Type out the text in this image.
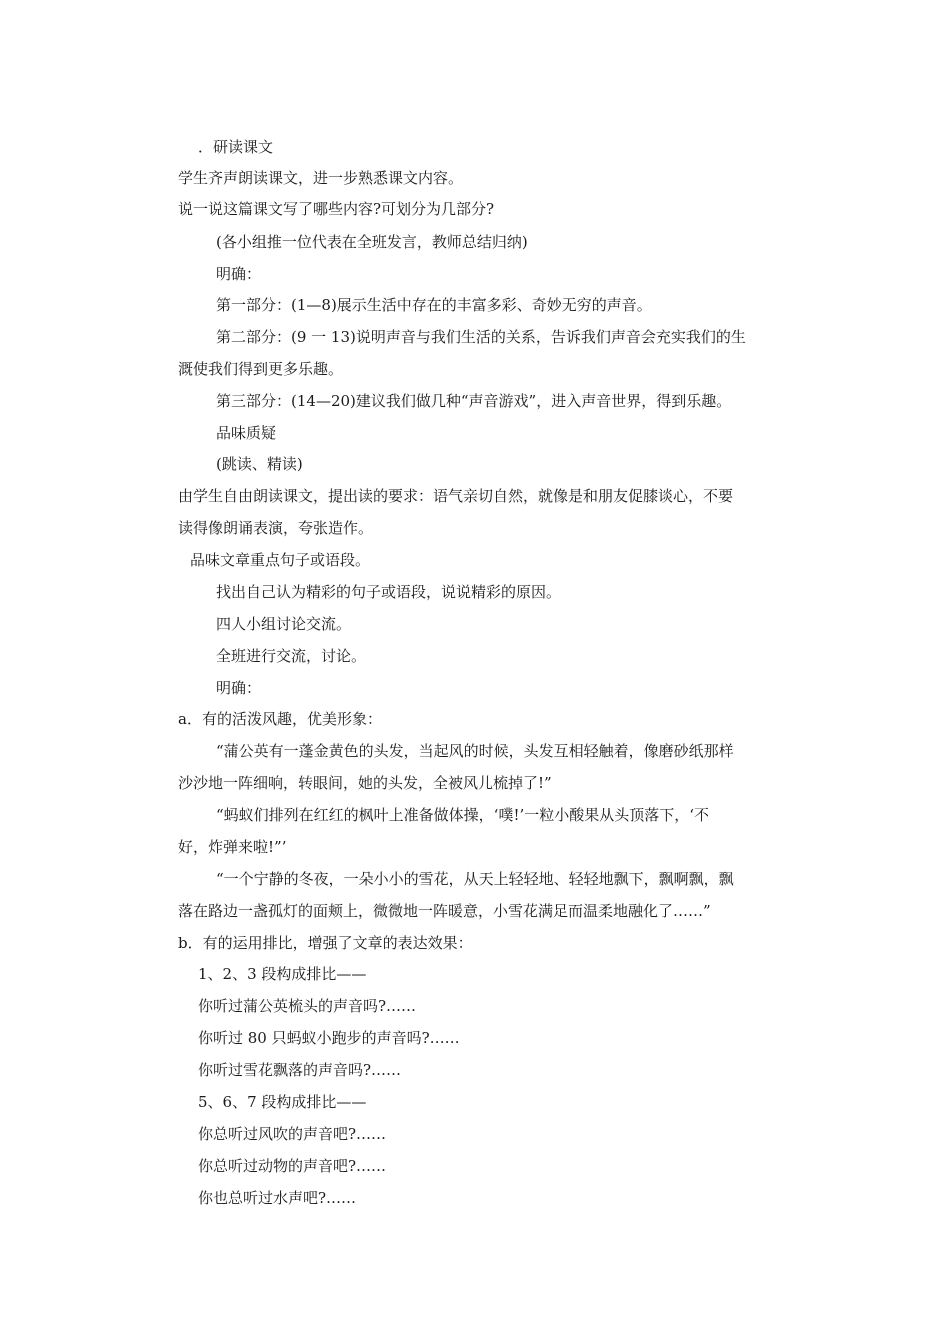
．研读课文
学生齐声朗读课文，进一步熟悉课文内容。
说一说这篇课文写了哪些内容?可划分为几部分?
(各小组推一位代表在全班发言，教师总结归纳)
明确：
第一部分：(1—8)展示生活中存在的丰富多彩、奇妙无穷的声音。
第二部分：(9 一 13)说明声音与我们生活的关系，告诉我们声音会充实我们的生
溉使我们得到更多乐趣。
第三部分：(14—20)建议我们做几种“声音游戏”，进入声音世界，得到乐趣。
品味质疑
(跳读、精读)
由学生自由朗读课文，提出读的要求：语气亲切自然，就像是和朋友促膝谈心，不要
读得像朗诵表演，夸张造作。
品味文章重点句子或语段。
找出自己认为精彩的句子或语段，说说精彩的原因。
四人小组讨论交流。
全班进行交流，讨论。
明确：
a．有的活泼风趣，优美形象：
“蒲公英有一蓬金黄色的头发，当起风的时候，头发互相轻触着，像磨砂纸那样
沙沙地一阵细响，转眼间，她的头发，全被风儿梳掉了!”
“蚂蚁们排列在红红的枫叶上准备做体操，‘噗!’一粒小酸果从头顶落下，‘不
好，炸弹来啦!”’
“一个宁静的冬夜，一朵小小的雪花，从天上轻轻地、轻轻地飘下，飘啊飘，飘
落在路边一盏孤灯的面颊上，微微地一阵暖意，小雪花满足而温柔地融化了……”
b．有的运用排比，增强了文章的表达效果：
1、2、3 段构成排比——
你听过蒲公英梳头的声音吗?……
你听过 80 只蚂蚁小跑步的声音吗?……
你听过雪花飘落的声音吗?……
5、6、7 段构成排比——
你总听过风吹的声音吧?……
你总听过动物的声音吧?……
你也总听过水声吧?……
